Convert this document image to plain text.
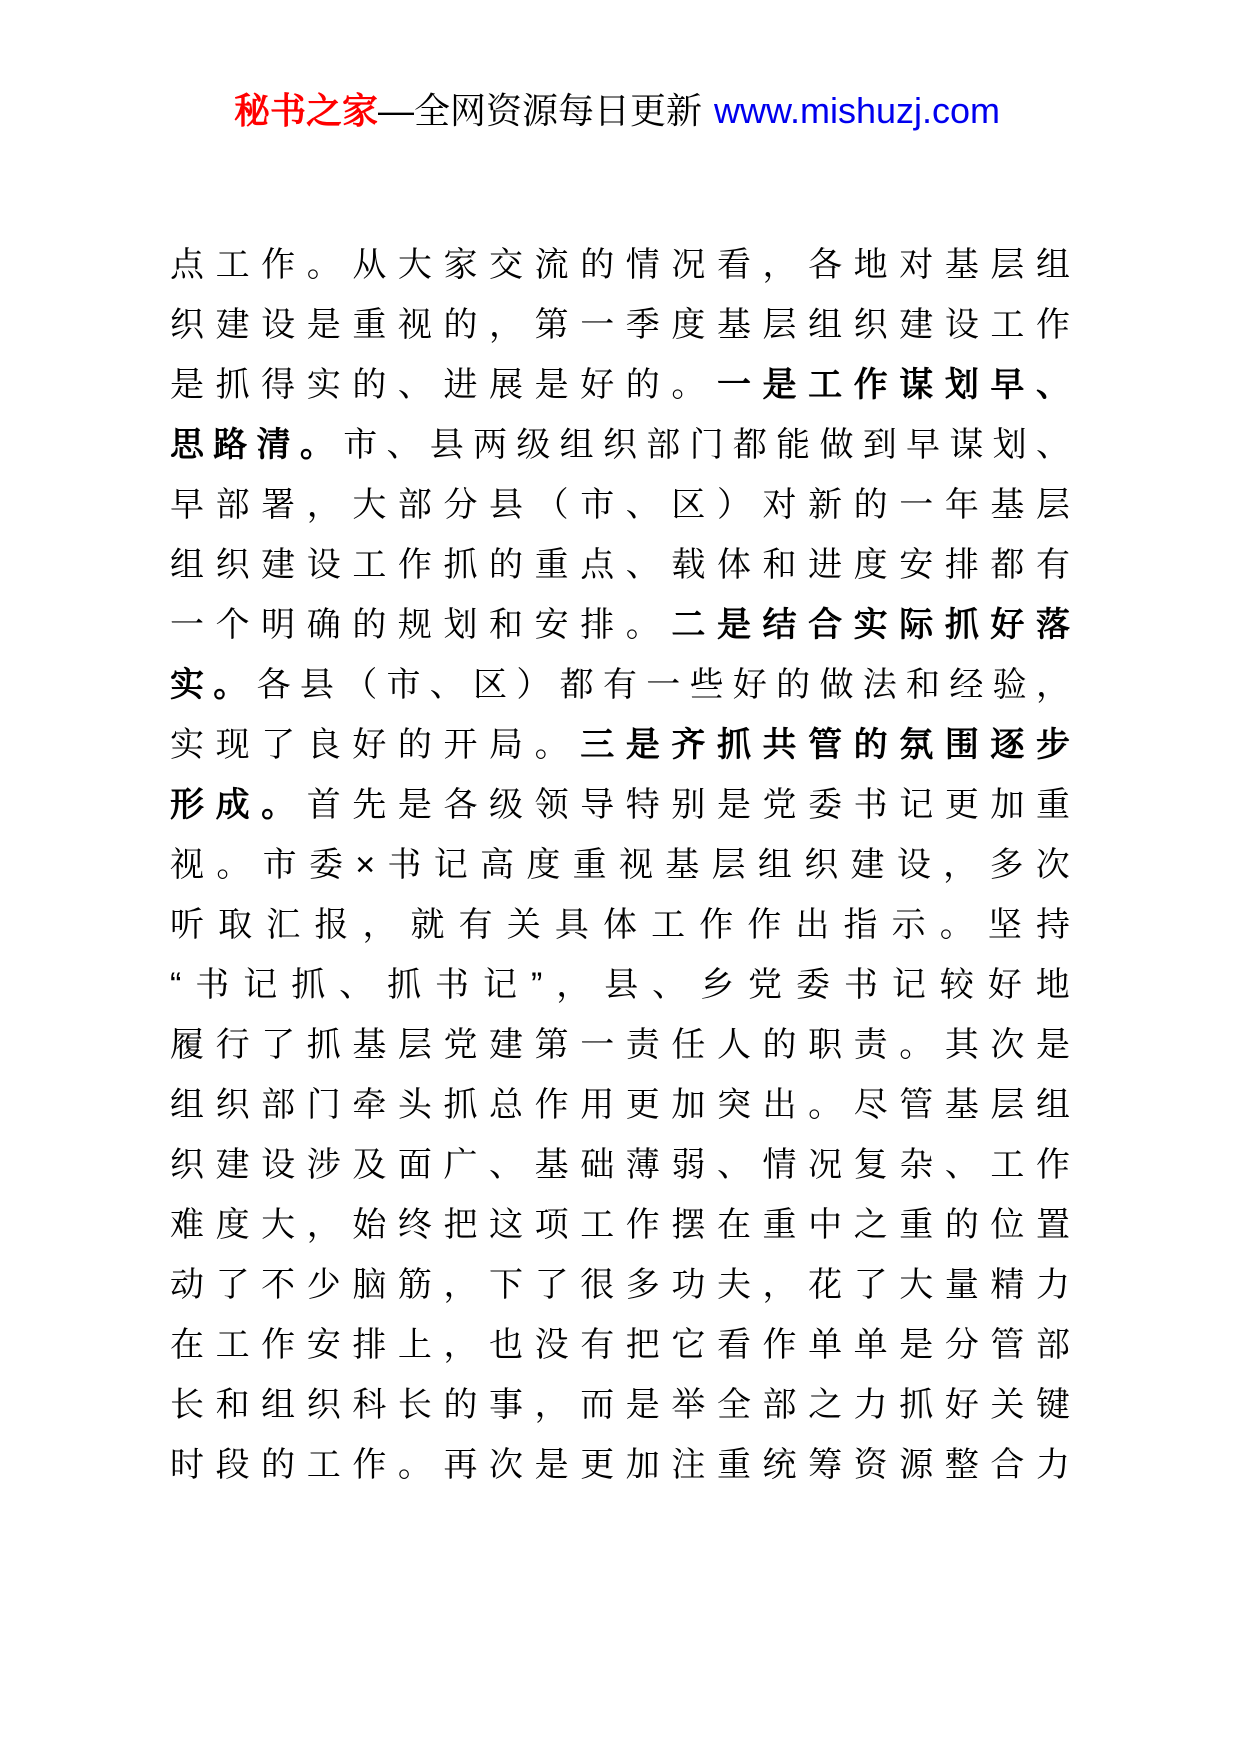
秘书之家—全网资源每日更新 www.mishuzj.com
点 工 作 。 从 大 家 交 流 的 情 况 看 ， 各 地 对 基 层 组
织 建 设 是 重 视 的 ， 第 一 季 度 基 层 组 织 建 设 工 作
是 抓 得 实 的 、 进 展 是 好 的 。 一 是 工 作 谋 划 早 、
思 路 清 。 市 、 县 两 级 组 织 部 门 都 能 做 到 早 谋 划 、
早 部 署 ， 大 部 分 县 （ 市 、 区 ） 对 新 的 一 年 基 层
组 织 建 设 工 作 抓 的 重 点 、 载 体 和 进 度 安 排 都 有
一 个 明 确 的 规 划 和 安 排 。 二 是 结 合 实 际 抓 好 落
实 。 各 县 （ 市 、 区 ） 都 有 一 些 好 的 做 法 和 经 验 ，
实 现 了 良 好 的 开 局 。 三 是 齐 抓 共 管 的 氛 围 逐 步
形 成 。 首 先 是 各 级 领 导 特 别 是 党 委 书 记 更 加 重
视 。 市 委 × 书 记 高 度 重 视 基 层 组 织 建 设 ， 多 次
听 取 汇 报 ， 就 有 关 具 体 工 作 作 出 指 示 。 坚 持
“ 书 记 抓 、 抓 书 记 ” ， 县 、 乡 党 委 书 记 较 好 地
履 行 了 抓 基 层 党 建 第 一 责 任 人 的 职 责 。 其 次 是
组 织 部 门 牵 头 抓 总 作 用 更 加 突 出 。 尽 管 基 层 组
织 建 设 涉 及 面 广 、 基 础 薄 弱 、 情 况 复 杂 、 工 作
难 度 大 ， 始 终 把 这 项 工 作 摆 在 重 中 之 重 的 位 置
动 了 不 少 脑 筋 ， 下 了 很 多 功 夫 ， 花 了 大 量 精 力
在 工 作 安 排 上 ， 也 没 有 把 它 看 作 单 单 是 分 管 部
长 和 组 织 科 长 的 事 ， 而 是 举 全 部 之 力 抓 好 关 键
时 段 的 工 作 。 再 次 是 更 加 注 重 统 筹 资 源 整 合 力
